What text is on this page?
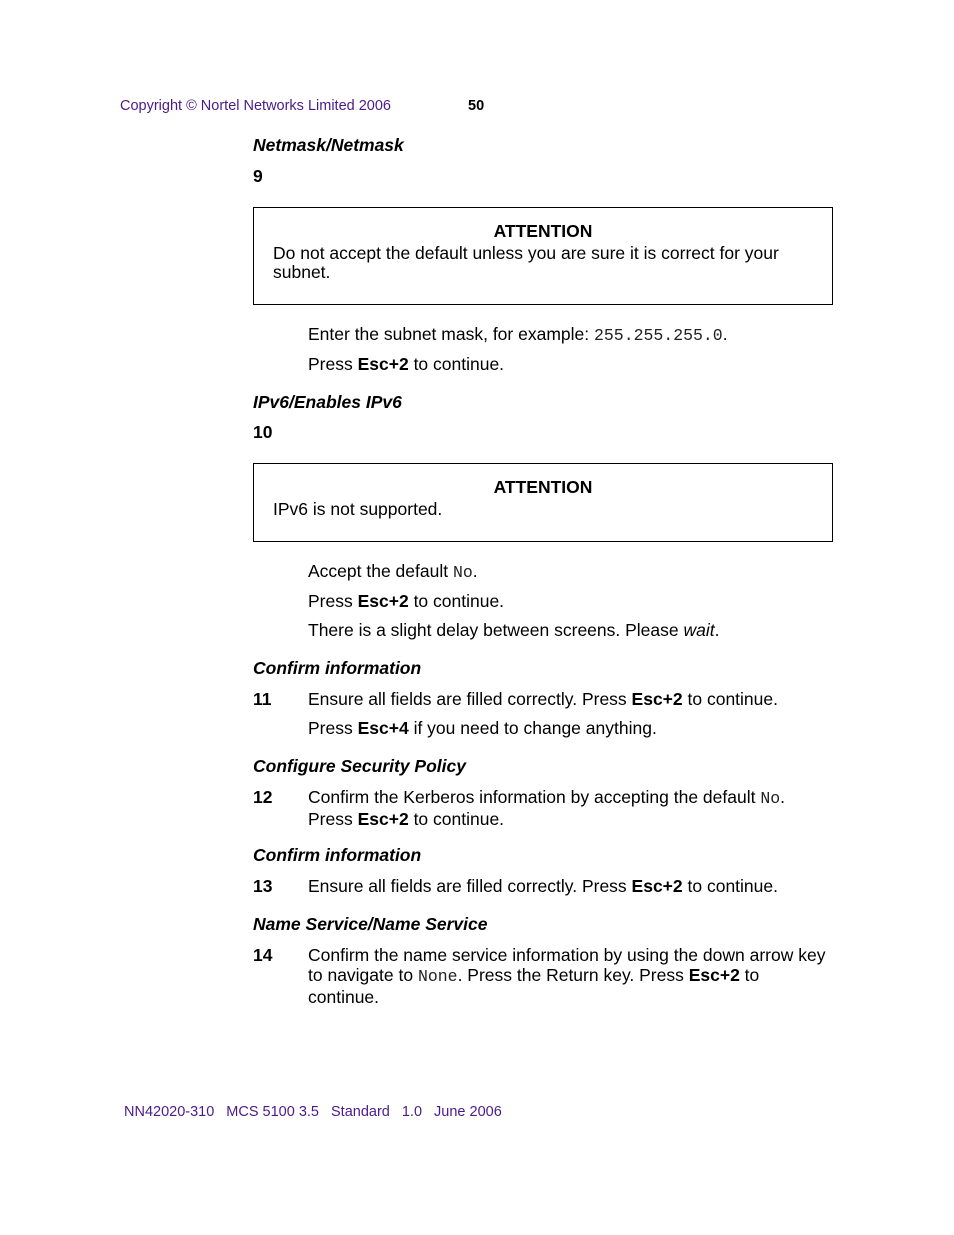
Copyright © Nortel Networks Limited 2006	50
Netmask/Netmask
9
ATTENTION
Do not accept the default unless you are sure it is correct for your subnet.
Enter the subnet mask, for example: 255.255.255.0.
Press Esc+2 to continue.
IPv6/Enables IPv6
10
ATTENTION
IPv6 is not supported.
Accept the default No.
Press Esc+2 to continue.
There is a slight delay between screens. Please wait.
Confirm information
11 Ensure all fields are filled correctly. Press Esc+2 to continue.
Press Esc+4 if you need to change anything.
Configure Security Policy
12 Confirm the Kerberos information by accepting the default No.
Press Esc+2 to continue.
Confirm information
13 Ensure all fields are filled correctly. Press Esc+2 to continue.
Name Service/Name Service
14 Confirm the name service information by using the down arrow key to navigate to None. Press the Return key. Press Esc+2 to continue.
NN42020-310 MCS 5100 3.5 Standard 1.0 June 2006
